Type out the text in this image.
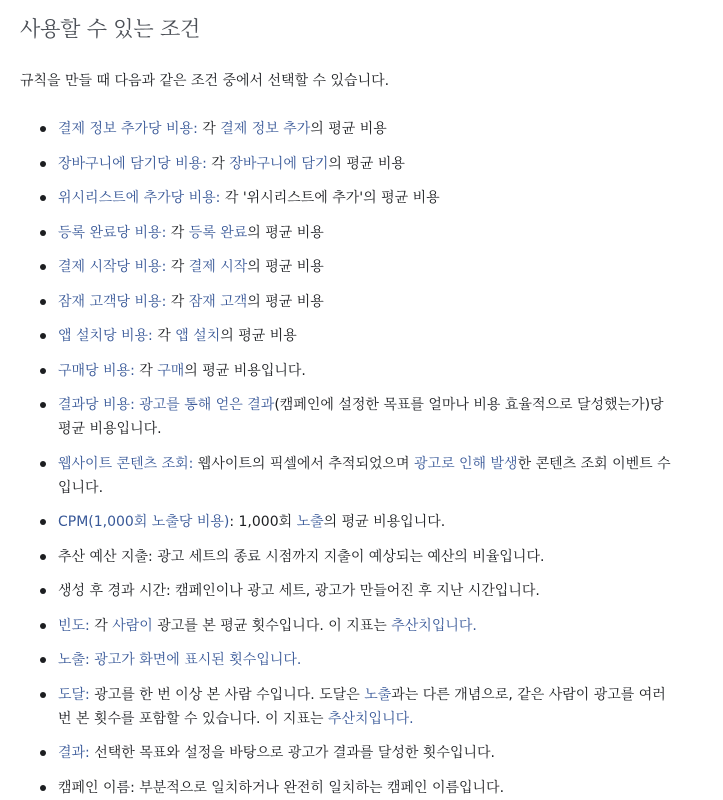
사용할 수 있는 조건

규칙을 만들 때 다음과 같은 조건 중에서 선택할 수 있습니다.

결제 정보 추가당 비용: 각 결제 정보 추가의 평균 비용
장바구니에 담기당 비용: 각 장바구니에 담기의 평균 비용
위시리스트에 추가당 비용: 각 '위시리스트에 추가'의 평균 비용
등록 완료당 비용: 각 등록 완료의 평균 비용
결제 시작당 비용: 각 결제 시작의 평균 비용
잠재 고객당 비용: 각 잠재 고객의 평균 비용
앱 설치당 비용: 각 앱 설치의 평균 비용
구매당 비용: 각 구매의 평균 비용입니다.
결과당 비용: 광고를 통해 얻은 결과(캠페인에 설정한 목표를 얼마나 비용 효율적으로 달성했는가)당 평균 비용입니다.
웹사이트 콘텐츠 조회: 웹사이트의 픽셀에서 추적되었으며 광고로 인해 발생한 콘텐츠 조회 이벤트 수입니다.
CPM(1,000회 노출당 비용): 1,000회 노출의 평균 비용입니다.
추산 예산 지출: 광고 세트의 종료 시점까지 지출이 예상되는 예산의 비율입니다.
생성 후 경과 시간: 캠페인이나 광고 세트, 광고가 만들어진 후 지난 시간입니다.
빈도: 각 사람이 광고를 본 평균 횟수입니다. 이 지표는 추산치입니다.
노출: 광고가 화면에 표시된 횟수입니다.
도달: 광고를 한 번 이상 본 사람 수입니다. 도달은 노출과는 다른 개념으로, 같은 사람이 광고를 여러 번 본 횟수를 포함할 수 있습니다. 이 지표는 추산치입니다.
결과: 선택한 목표와 설정을 바탕으로 광고가 결과를 달성한 횟수입니다.
캠페인 이름: 부분적으로 일치하거나 완전히 일치하는 캠페인 이름입니다.
